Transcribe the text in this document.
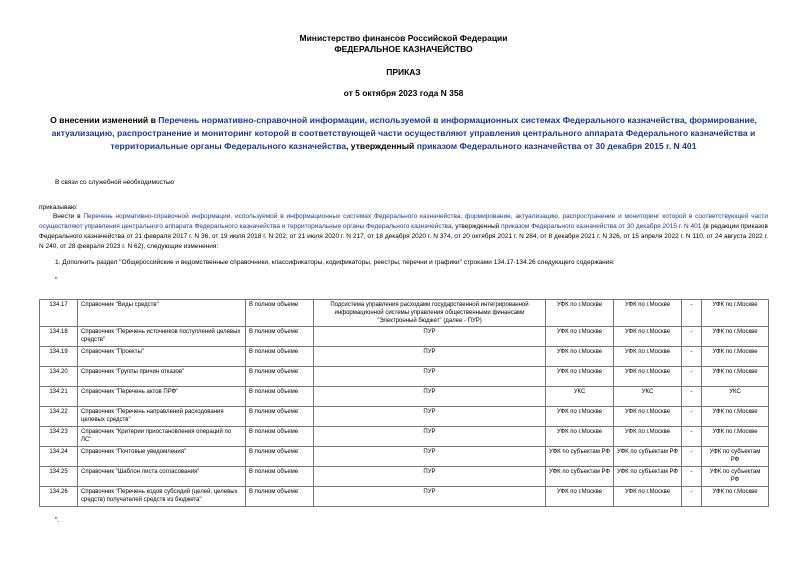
Министерство финансов Российской Федерации
ФЕДЕРАЛЬНОЕ КАЗНАЧЕЙСТВО
ПРИКАЗ
от 5 октября 2023 года N 358
О внесении изменений в Перечень нормативно-справочной информации, используемой в информационных системах Федерального казначейства, формирование, актуализацию, распространение и мониторинг которой в соответствующей части осуществляют управления центрального аппарата Федерального казначейства и территориальные органы Федерального казначейства, утвержденный приказом Федерального казначейства от 30 декабря 2015 г. N 401
В связи со служебной необходимостью
приказываю:
Внести в Перечень нормативно-справочной информации, используемой в информационных системах Федерального казначейства, формирование, актуализацию, распространение и мониторинг которой в соответствующей части осуществляют управления центрального аппарата Федерального казначейства и территориальные органы Федерального казначейства, утвержденный приказом Федерального казначейства от 30 декабря 2015 г. N 401 (в редакции приказов Федерального казначейства от 21 февраля 2017 г. N 36, от 19 июля 2018 г. N 202, от 21 июля 2020 г. N 217, от 18 декабря 2020 г. N 374, от 20 октября 2021 г. N 284, от 8 декабря 2021 г. N 326, от 15 апреля 2022 г. N 110, от 24 августа 2022 г. N 240, от 28 февраля 2023 г. N 62), следующие изменения:
1. Дополнить раздел "Общероссийские и ведомственные справочники, классификаторы, кодификаторы, реестры, перечни и графики" строками 134.17-134.26 следующего содержания:
"
134.17	Справочник "Виды средств"	В полном объеме	Подсистема управления расходами государственной интегрированной информационной системы управления общественными финансами "Электронный бюджет" (далее - ПУР)	УФК по г.Москве	УФК по г.Москве	-	УФК по г.Москве
134.18	Справочник "Перечень источников поступлений целевых средств"	В полном объеме	ПУР	УФК по г.Москве	УФК по г.Москве	-	УФК по г.Москве
134.19	Справочник "Проекты"	В полном объеме	ПУР	УФК по г.Москве	УФК по г.Москве	-	УФК по г.Москве
134.20	Справочник "Группы причин отказов"	В полном объеме	ПУР	УФК по г.Москве	УФК по г.Москве	-	УФК по г.Москве
134.21	Справочник "Перечень актов ПРФ"	В полном объеме	ПУР	УКС	УКС	-	УКС
134.22	Справочник "Перечень направлений расходования целевых средств"	В полном объеме	ПУР	УФК по г.Москве	УФК по г.Москве	-	УФК по г.Москве
134.23	Справочник "Критерии приостановления операций по ЛС"	В полном объеме	ПУР	УФК по г.Москве	УФК по г.Москве	-	УФК по г.Москве
134.24	Справочник "Почтовые уведомления"	В полном объеме	ПУР	УФК по субъектам РФ	УФК по субъектам РФ	-	УФК по субъектам РФ
134.25	Справочник "Шаблон листа согласования"	В полном объеме	ПУР	УФК по субъектам РФ	УФК по субъектам РФ	-	УФК по субъектам РФ
134.26	Справочник "Перечень кодов субсидий (целей, целевых средств) получателей средств из бюджета"	В полном объеме	ПУР	УФК по г.Москве	УФК по г.Москве	-	УФК по г.Москве
".
